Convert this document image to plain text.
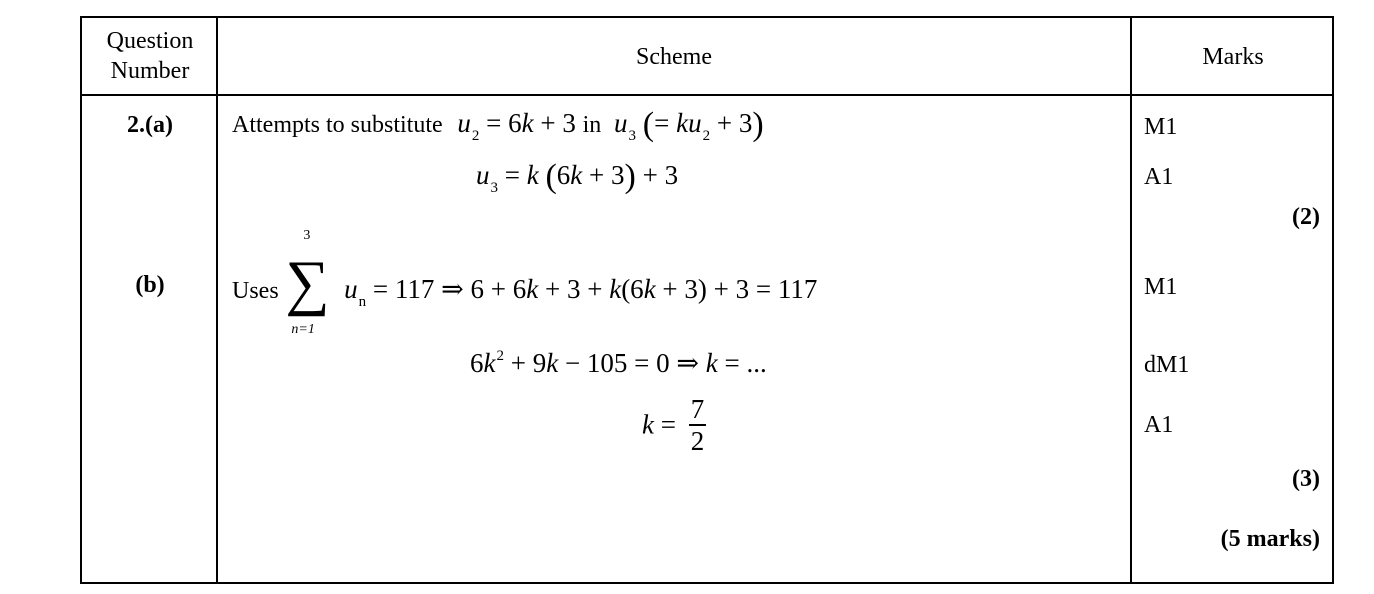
Question Number
Scheme	Marks
2.(a)
(b)
Attempts to substitute $u_2 = 6k + 3$ in $u_3$ (= $ku_2 + 3$)
$u_3 = k$ (6k + 3) + 3
Uses ∑
3
n=1
$u_n = 117$ ⇒ 6 + 6k + 3 + k(6k + 3) + 3 = 117
$6k^2 + 9k - 105 = 0$ ⇒ k = ...
$k = \frac{7}{2}$
M1
A1
(2)
M1
dM1
A1
(3)
(5 marks)
